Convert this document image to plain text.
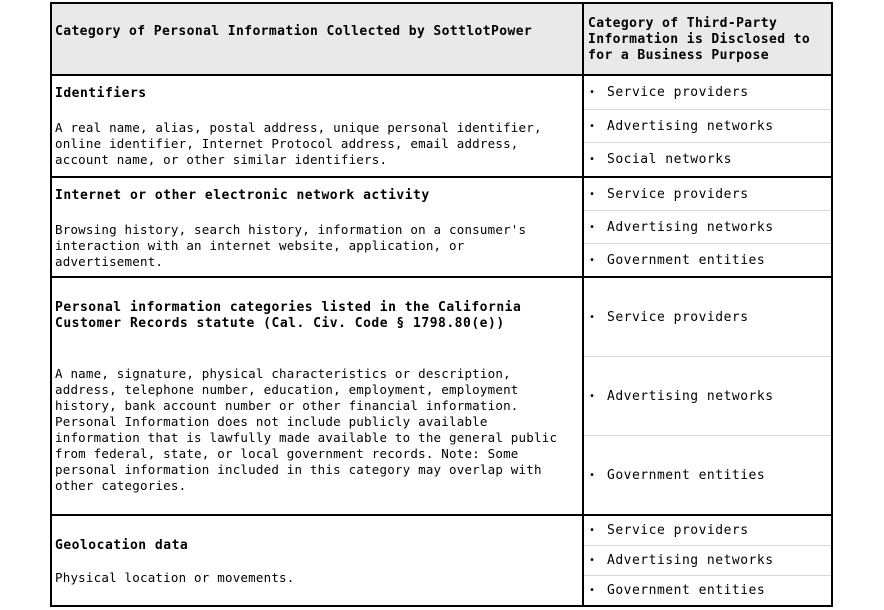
Category of Personal Information Collected by SottlotPower
Category of Third-Party Information is Disclosed to for a Business Purpose
Identifiers
A real name, alias, postal address, unique personal identifier, online identifier, Internet Protocol address, email address, account name, or other similar identifiers.
• Service providers
• Advertising networks
• Social networks
Internet or other electronic network activity
Browsing history, search history, information on a consumer's interaction with an internet website, application, or advertisement.
• Service providers
• Advertising networks
• Government entities
Personal information categories listed in the California Customer Records statute (Cal. Civ. Code § 1798.80(e))
A name, signature, physical characteristics or description, address, telephone number, education, employment, employment history, bank account number or other financial information. Personal Information does not include publicly available information that is lawfully made available to the general public from federal, state, or local government records. Note: Some personal information included in this category may overlap with other categories.
• Service providers
• Advertising networks
• Government entities
Geolocation data
Physical location or movements.
• Service providers
• Advertising networks
• Government entities
